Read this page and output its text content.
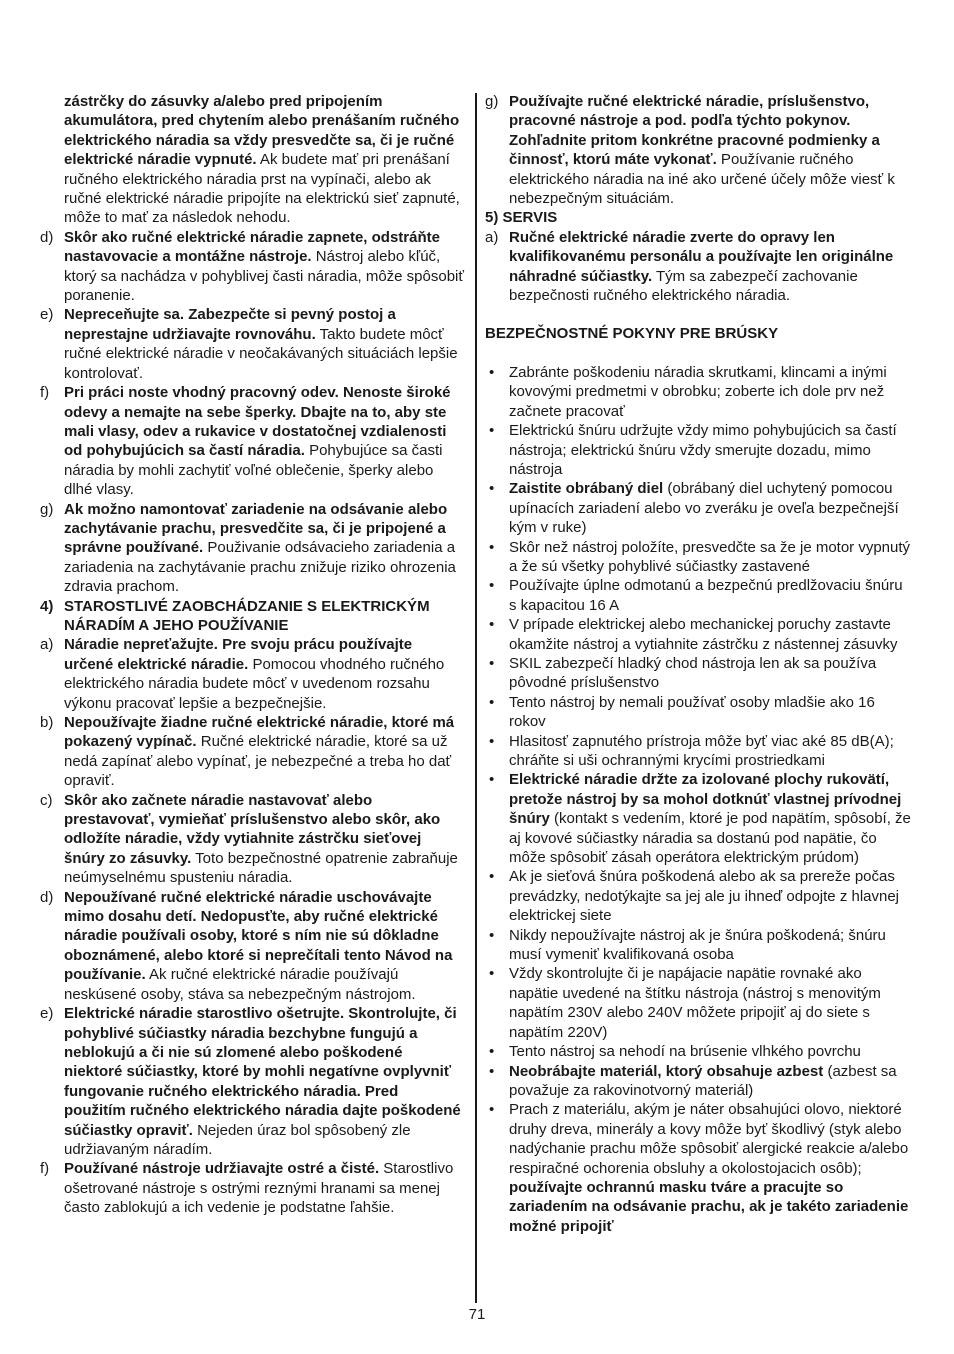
zástrčky do zásuvky a/alebo pred pripojením akumulátora, pred chytením alebo prenášaním ručného elektrického náradia sa vždy presvedčte sa, či je ručné elektrické náradie vypnuté. Ak budete mať pri prenášaní ručného elektrického náradia prst na vypínači, alebo ak ručné elektrické náradie pripojíte na elektrickú sieť zapnuté, môže to mať za následok nehodu.
d) Skôr ako ručné elektrické náradie zapnete, odstráňte nastavovacie a montážne nástroje. Nástroj alebo kľúč, ktorý sa nachádza v pohyblivej časti náradia, môže spôsobiť poranenie.
e) Nepreceňujte sa. Zabezpečte si pevný postoj a neprestajne udržiavajte rovnováhu. Takto budete môcť ručné elektrické náradie v neočakávaných situáciách lepšie kontrolovať.
f) Pri práci noste vhodný pracovný odev. Nenoste široké odevy a nemajte na sebe šperky. Dbajte na to, aby ste mali vlasy, odev a rukavice v dostatočnej vzdialenosti od pohybujúcich sa častí náradia. Pohybujúce sa časti náradia by mohli zachytiť voľné oblečenie, šperky alebo dlhé vlasy.
g) Ak možno namontovať zariadenie na odsávanie alebo zachytávanie prachu, presvedčite sa, či je pripojené a správne používané. Použivanie odsávacieho zariadenia a zariadenia na zachytávanie prachu znižuje riziko ohrozenia zdravia prachom.
4) STAROSTLIVÉ ZAOBCHÁDZANIE S ELEKTRICKÝM NÁRADÍM A JEHO POUŽÍVANIE
a) Náradie nepreťažujte. Pre svoju prácu používajte určené elektrické náradie. Pomocou vhodného ručného elektrického náradia budete môcť v uvedenom rozsahu výkonu pracovať lepšie a bezpečnejšie.
b) Nepoužívajte žiadne ručné elektrické náradie, ktoré má pokazený vypínač. Ručné elektrické náradie, ktoré sa už nedá zapínať alebo vypínať, je nebezpečné a treba ho dať opraviť.
c) Skôr ako začnete náradie nastavovať alebo prestavovať, vymieňať príslušenstvo alebo skôr, ako odložíte náradie, vždy vytiahnite zástrčku sieťovej šnúry zo zásuvky. Toto bezpečnostné opatrenie zabraňuje neúmyselnému spusteniu náradia.
d) Nepoužívané ručné elektrické náradie uschovávajte mimo dosahu detí. Nedopusťte, aby ručné elektrické náradie používali osoby, ktoré s ním nie sú dôkladne oboznámené, alebo ktoré si neprečítali tento Návod na používanie. Ak ručné elektrické náradie používajú neskúsené osoby, stáva sa nebezpečným nástrojom.
e) Elektrické náradie starostlivo ošetrujte. Skontrolujte, či pohyblivé súčiastky náradia bezchybne fungujú a neblokujú a či nie sú zlomené alebo poškodené niektoré súčiastky, ktoré by mohli negatívne ovplyvniť fungovanie ručného elektrického náradia. Pred použitím ručného elektrického náradia dajte poškodené súčiastky opraviť. Nejeden úraz bol spôsobený zle udržiavaným náradím.
f) Používané nástroje udržiavajte ostré a čisté. Starostlivo ošetrované nástroje s ostrými reznými hranami sa menej často zablokujú a ich vedenie je podstatne ľahšie.
g) Používajte ručné elektrické náradie, príslušenstvo, pracovné nástroje a pod. podľa týchto pokynov. Zohľadnite pritom konkrétne pracovné podmienky a činnosť, ktorú máte vykonať. Používanie ručného elektrického náradia na iné ako určené účely môže viesť k nebezpečným situáciám.
5) SERVIS
a) Ručné elektrické náradie zverte do opravy len kvalifikovanému personálu a používajte len originálne náhradné súčiastky. Tým sa zabezpečí zachovanie bezpečnosti ručného elektrického náradia.
BEZPEČNOSTNÉ POKYNY PRE BRÚSKY
• Zabránte poškodeniu náradia skrutkami, klincami a inými kovovými predmetmi v obrobku; zoberte ich dole prv než začnete pracovať
• Elektrickú šnúru udržujte vždy mimo pohybujúcich sa častí nástroja; elektrickú šnúru vždy smerujte dozadu, mimo nástroja
• Zaistite obrábaný diel (obrábaný diel uchytený pomocou upínacích zariadení alebo vo zveráku je oveľa bezpečnejší kým v ruke)
• Skôr než nástroj položíte, presvedčte sa že je motor vypnutý a že sú všetky pohyblivé súčiastky zastavené
• Používajte úplne odmotanú a bezpečnú predlžovaciu šnúru s kapacitou 16 A
• V prípade elektrickej alebo mechanickej poruchy zastavte okamžite nástroj a vytiahnite zástrčku z nástennej zásuvky
• SKIL zabezpečí hladký chod nástroja len ak sa používa pôvodné príslušenstvo
• Tento nástroj by nemali používať osoby mladšie ako 16 rokov
• Hlasitosť zapnutého prístroja môže byť viac aké 85 dB(A); chráňte si uši ochrannými krycími prostriedkami
• Elektrické náradie držte za izolované plochy rukovätí, pretože nástroj by sa mohol dotknúť vlastnej prívodnej šnúry (kontakt s vedením, ktoré je pod napätím, spôsobí, že aj kovové súčiastky náradia sa dostanú pod napätie, čo môže spôsobiť zásah operátora elektrickým prúdom)
• Ak je sieťová šnúra poškodená alebo ak sa prereže počas prevádzky, nedotýkajte sa jej ale ju ihneď odpojte z hlavnej elektrickej siete
• Nikdy nepoužívajte nástroj ak je šnúra poškodená; šnúru musí vymeniť kvalifikovaná osoba
• Vždy skontrolujte či je napájacie napätie rovnaké ako napätie uvedené na štítku nástroja (nástroj s menovitým napätím 230V alebo 240V môžete pripojiť aj do siete s napätím 220V)
• Tento nástroj sa nehodí na brúsenie vlhkého povrchu
• Neobrábajte materiál, ktorý obsahuje azbest (azbest sa považuje za rakovinotvorný materiál)
• Prach z materiálu, akým je náter obsahujúci olovo, niektoré druhy dreva, minerály a kovy môže byť škodlivý (styk alebo nadýchanie prachu môže spôsobiť alergické reakcie a/alebo respiračné ochorenia obsluhy a okolostojacich osôb); používajte ochrannú masku tváre a pracujte so zariadením na odsávanie prachu, ak je takéto zariadenie možné pripojiť
71
